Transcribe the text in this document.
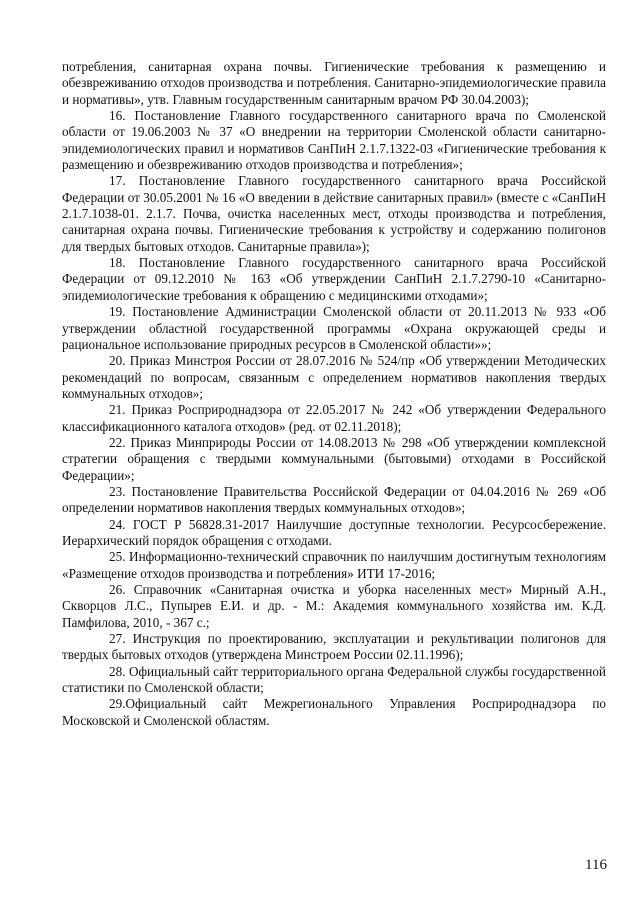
потребления, санитарная охрана почвы. Гигиенические требования к размещению и обезвреживанию отходов производства и потребления. Санитарно-эпидемиологические правила и нормативы», утв. Главным государственным санитарным врачом РФ 30.04.2003);

16. Постановление Главного государственного санитарного врача по Смоленской области от 19.06.2003 № 37 «О внедрении на территории Смоленской области санитарно-эпидемиологических правил и нормативов СанПиН 2.1.7.1322-03 «Гигиенические требования к размещению и обезвреживанию отходов производства и потребления»;

17. Постановление Главного государственного санитарного врача Российской Федерации от 30.05.2001 № 16 «О введении в действие санитарных правил» (вместе с «СанПиН 2.1.7.1038-01. 2.1.7. Почва, очистка населенных мест, отходы производства и потребления, санитарная охрана почвы. Гигиенические требования к устройству и содержанию полигонов для твердых бытовых отходов. Санитарные правила»);

18. Постановление Главного государственного санитарного врача Российской Федерации от 09.12.2010 № 163 «Об утверждении СанПиН 2.1.7.2790-10 «Санитарно-эпидемиологические требования к обращению с медицинскими отходами»;

19. Постановление Администрации Смоленской области от 20.11.2013 № 933 «Об утверждении областной государственной программы «Охрана окружающей среды и рациональное использование природных ресурсов в Смоленской области»»;

20. Приказ Минстроя России от 28.07.2016 № 524/пр «Об утверждении Методических рекомендаций по вопросам, связанным с определением нормативов накопления твердых коммунальных отходов»;

21. Приказ Росприроднадзора от 22.05.2017 № 242 «Об утверждении Федерального классификационного каталога отходов» (ред. от 02.11.2018);

22. Приказ Минприроды России от 14.08.2013 № 298 «Об утверждении комплексной стратегии обращения с твердыми коммунальными (бытовыми) отходами в Российской Федерации»;

23. Постановление Правительства Российской Федерации от 04.04.2016 № 269 «Об определении нормативов накопления твердых коммунальных отходов»;

24. ГОСТ Р 56828.31-2017 Наилучшие доступные технологии. Ресурсосбережение. Иерархический порядок обращения с отходами.

25. Информационно-технический справочник по наилучшим достигнутым технологиям «Размещение отходов производства и потребления» ИТИ 17-2016;

26. Справочник «Санитарная очистка и уборка населенных мест» Мирный А.Н., Скворцов Л.С., Пупырев Е.И. и др. - М.: Академия коммунального хозяйства им. К.Д. Памфилова, 2010, - 367 с.;

27. Инструкция по проектированию, эксплуатации и рекультивации полигонов для твердых бытовых отходов (утверждена Минстроем России 02.11.1996);

28. Официальный сайт территориального органа Федеральной службы государственной статистики по Смоленской области;

29.Официальный сайт Межрегионального Управления Росприроднадзора по Московской и Смоленской областям.

116
